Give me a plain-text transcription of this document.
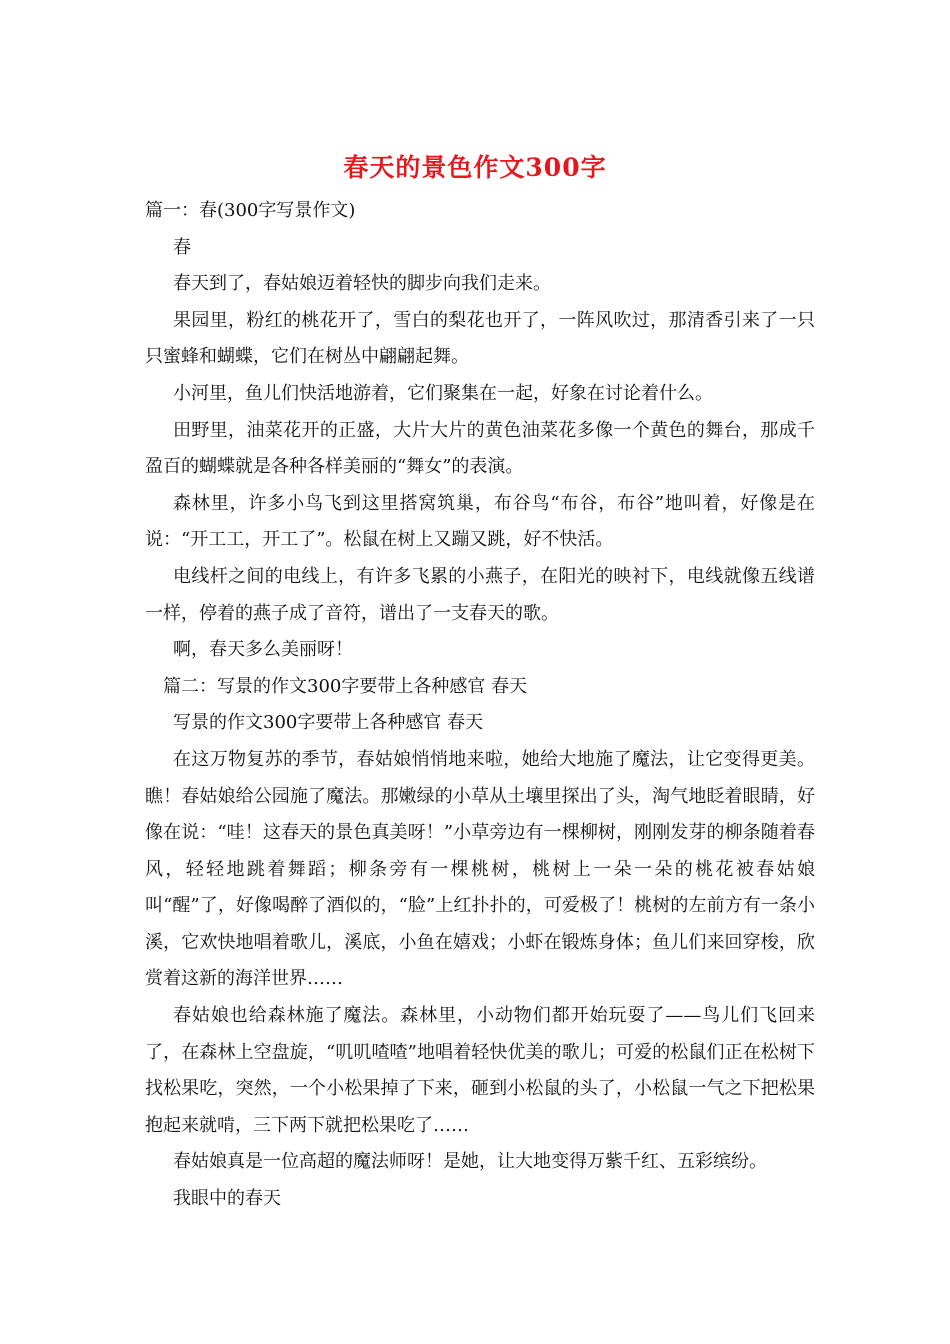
春天的景色作文300字

篇一：春(300字写景作文)

春

春天到了，春姑娘迈着轻快的脚步向我们走来。

果园里，粉红的桃花开了，雪白的梨花也开了，一阵风吹过，那清香引来了一只只蜜蜂和蝴蝶，它们在树丛中翩翩起舞。

小河里，鱼儿们快活地游着，它们聚集在一起，好象在讨论着什么。

田野里，油菜花开的正盛，大片大片的黄色油菜花多像一个黄色的舞台，那成千盈百的蝴蝶就是各种各样美丽的“舞女”的表演。

森林里，许多小鸟飞到这里搭窝筑巢，布谷鸟“布谷，布谷”地叫着，好像是在说：“开工工，开工了”。松鼠在树上又蹦又跳，好不快活。

电线杆之间的电线上，有许多飞累的小燕子，在阳光的映衬下，电线就像五线谱一样，停着的燕子成了音符，谱出了一支春天的歌。

啊，春天多么美丽呀！

篇二：写景的作文300字要带上各种感官 春天

写景的作文300字要带上各种感官 春天

在这万物复苏的季节，春姑娘悄悄地来啦，她给大地施了魔法，让它变得更美。 瞧！春姑娘给公园施了魔法。那嫩绿的小草从土壤里探出了头，淘气地眨着眼睛，好像在说：“哇！这春天的景色真美呀！”小草旁边有一棵柳树，刚刚发芽的柳条随着春风，轻轻地跳着舞蹈；柳条旁有一棵桃树，桃树上一朵一朵的桃花被春姑娘叫“醒”了，好像喝醉了酒似的，“脸”上红扑扑的，可爱极了！桃树的左前方有一条小溪，它欢快地唱着歌儿，溪底，小鱼在嬉戏；小虾在锻炼身体；鱼儿们来回穿梭，欣赏着这新的海洋世界……

春姑娘也给森林施了魔法。森林里，小动物们都开始玩耍了——鸟儿们飞回来了，在森林上空盘旋，“叽叽喳喳”地唱着轻快优美的歌儿；可爱的松鼠们正在松树下找松果吃，突然，一个小松果掉了下来，砸到小松鼠的头了，小松鼠一气之下把松果抱起来就啃，三下两下就把松果吃了……

春姑娘真是一位高超的魔法师呀！是她，让大地变得万紫千红、五彩缤纷。

我眼中的春天
